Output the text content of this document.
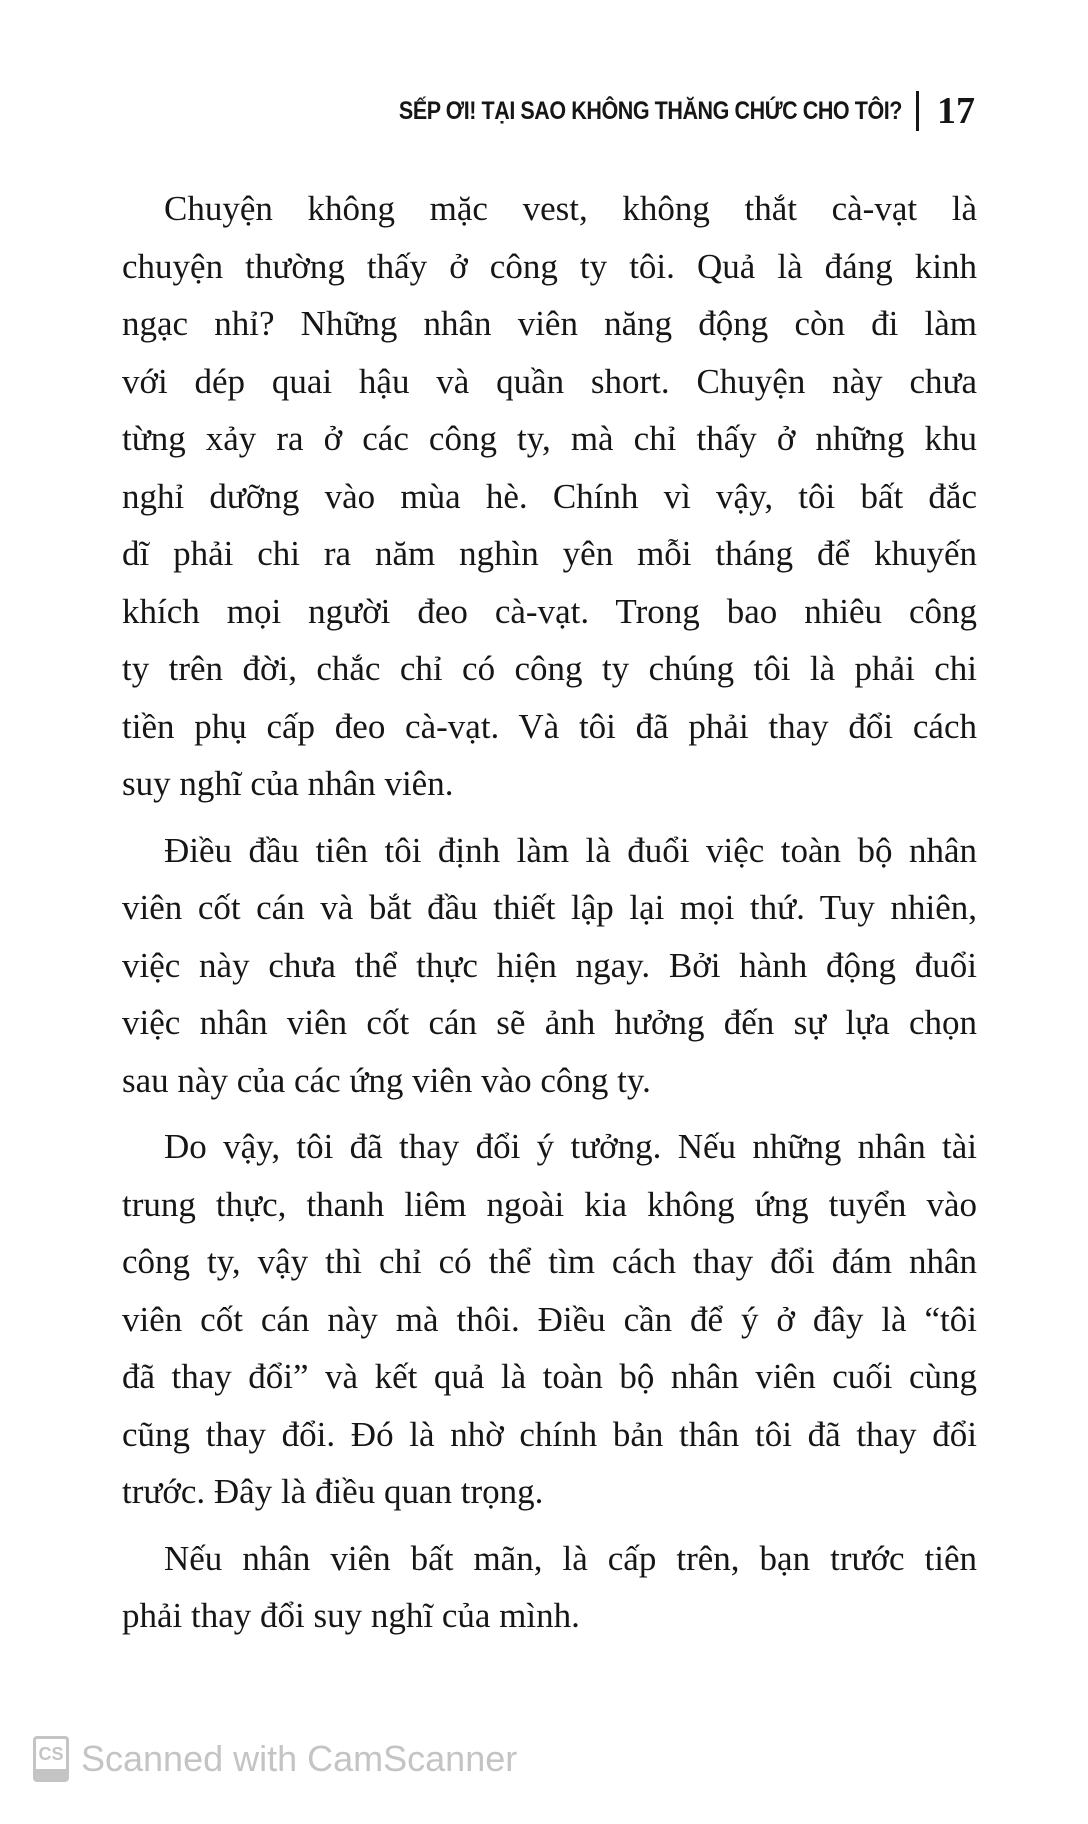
SẾP ƠI! TẠI SAO KHÔNG THĂNG CHỨC CHO TÔI? 17
Chuyện không mặc vest, không thắt cà-vạt là
chuyện thường thấy ở công ty tôi. Quả là đáng kinh
ngạc nhỉ? Những nhân viên năng động còn đi làm
với dép quai hậu và quần short. Chuyện này chưa
từng xảy ra ở các công ty, mà chỉ thấy ở những khu
nghỉ dưỡng vào mùa hè. Chính vì vậy, tôi bất đắc
dĩ phải chi ra năm nghìn yên mỗi tháng để khuyến
khích mọi người đeo cà-vạt. Trong bao nhiêu công
ty trên đời, chắc chỉ có công ty chúng tôi là phải chi
tiền phụ cấp đeo cà-vạt. Và tôi đã phải thay đổi cách
suy nghĩ của nhân viên.
Điều đầu tiên tôi định làm là đuổi việc toàn bộ nhân
viên cốt cán và bắt đầu thiết lập lại mọi thứ. Tuy nhiên,
việc này chưa thể thực hiện ngay. Bởi hành động đuổi
việc nhân viên cốt cán sẽ ảnh hưởng đến sự lựa chọn
sau này của các ứng viên vào công ty.
Do vậy, tôi đã thay đổi ý tưởng. Nếu những nhân tài
trung thực, thanh liêm ngoài kia không ứng tuyển vào
công ty, vậy thì chỉ có thể tìm cách thay đổi đám nhân
viên cốt cán này mà thôi. Điều cần để ý ở đây là “tôi
đã thay đổi” và kết quả là toàn bộ nhân viên cuối cùng
cũng thay đổi. Đó là nhờ chính bản thân tôi đã thay đổi
trước. Đây là điều quan trọng.
Nếu nhân viên bất mãn, là cấp trên, bạn trước tiên
phải thay đổi suy nghĩ của mình.
CS Scanned with CamScanner
